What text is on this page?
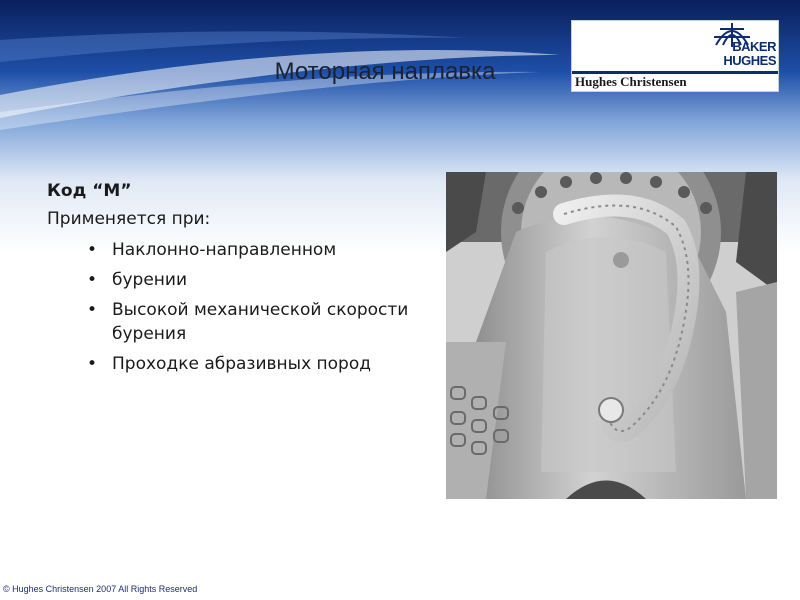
Моторная наплавка
BAKER
HUGHES
Hughes Christensen
Код “M”
Применяется при:
• Наклонно-направленном
• бурении
• Высокой механической скорости бурения
• Проходке абразивных пород
© Hughes Christensen 2007 All Rights Reserved
